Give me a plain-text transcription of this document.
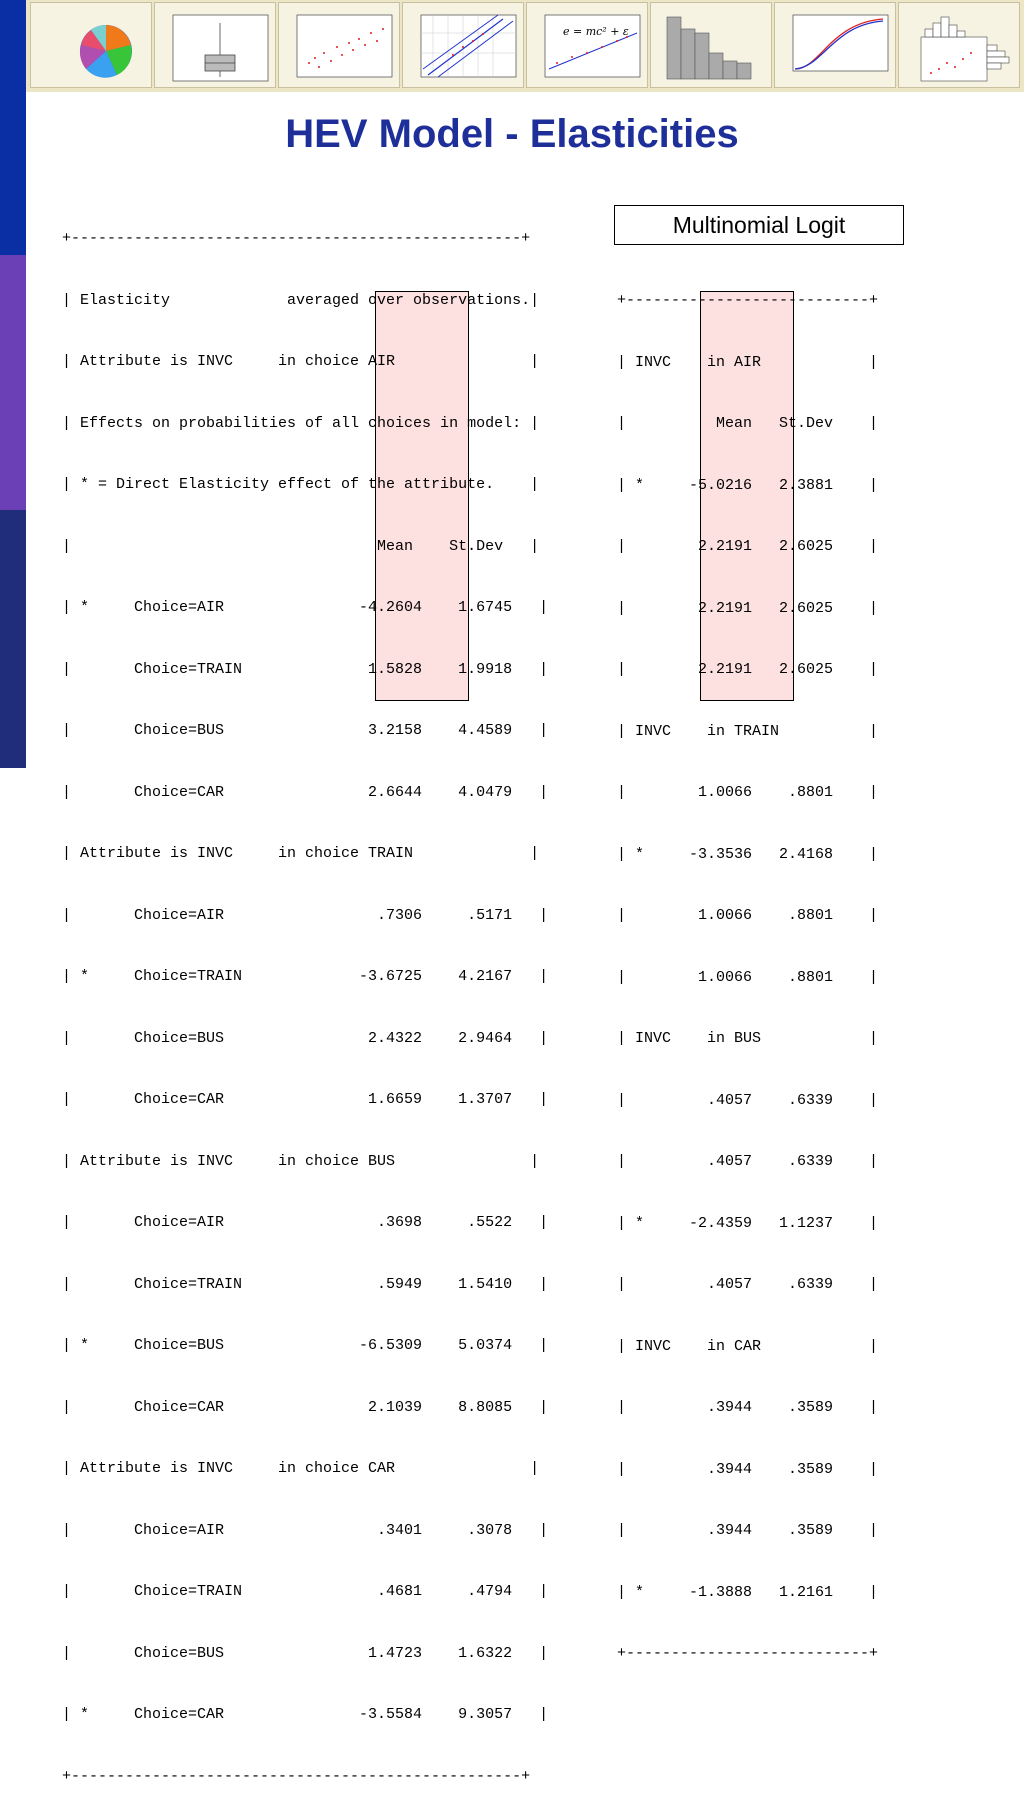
e = mc² + ε
HEV Model - Elasticities

+--------------------------------------------------+

| Elasticity             averaged over observations.|

| Attribute is INVC     in choice AIR               |

| Effects on probabilities of all choices in model: |

| * = Direct Elasticity effect of the attribute.    |

|                                  Mean    St.Dev   |

| *     Choice=AIR               -4.2604    1.6745   |

|       Choice=TRAIN              1.5828    1.9918   |

|       Choice=BUS                3.2158    4.4589   |

|       Choice=CAR                2.6644    4.0479   |

| Attribute is INVC     in choice TRAIN             |

|       Choice=AIR                 .7306     .5171   |

| *     Choice=TRAIN             -3.6725    4.2167   |

|       Choice=BUS                2.4322    2.9464   |

|       Choice=CAR                1.6659    1.3707   |

| Attribute is INVC     in choice BUS               |

|       Choice=AIR                 .3698     .5522   |

|       Choice=TRAIN               .5949    1.5410   |

| *     Choice=BUS               -6.5309    5.0374   |

|       Choice=CAR                2.1039    8.8085   |

| Attribute is INVC     in choice CAR               |

|       Choice=AIR                 .3401     .3078   |

|       Choice=TRAIN               .4681     .4794   |

|       Choice=BUS                1.4723    1.6322   |

| *     Choice=CAR               -3.5584    9.3057   |

+--------------------------------------------------+

Multinomial Logit

+---------------------------+

| INVC    in AIR            |

|          Mean   St.Dev    |

| *     -5.0216   2.3881    |

|        2.2191   2.6025    |

|        2.2191   2.6025    |

|        2.2191   2.6025    |

| INVC    in TRAIN          |

|        1.0066    .8801    |

| *     -3.3536   2.4168    |

|        1.0066    .8801    |

|        1.0066    .8801    |

| INVC    in BUS            |

|         .4057    .6339    |

|         .4057    .6339    |

| *     -2.4359   1.1237    |

|         .4057    .6339    |

| INVC    in CAR            |

|         .3944    .3589    |

|         .3944    .3589    |

|         .3944    .3589    |

| *     -1.3888   1.2161    |

+---------------------------+
